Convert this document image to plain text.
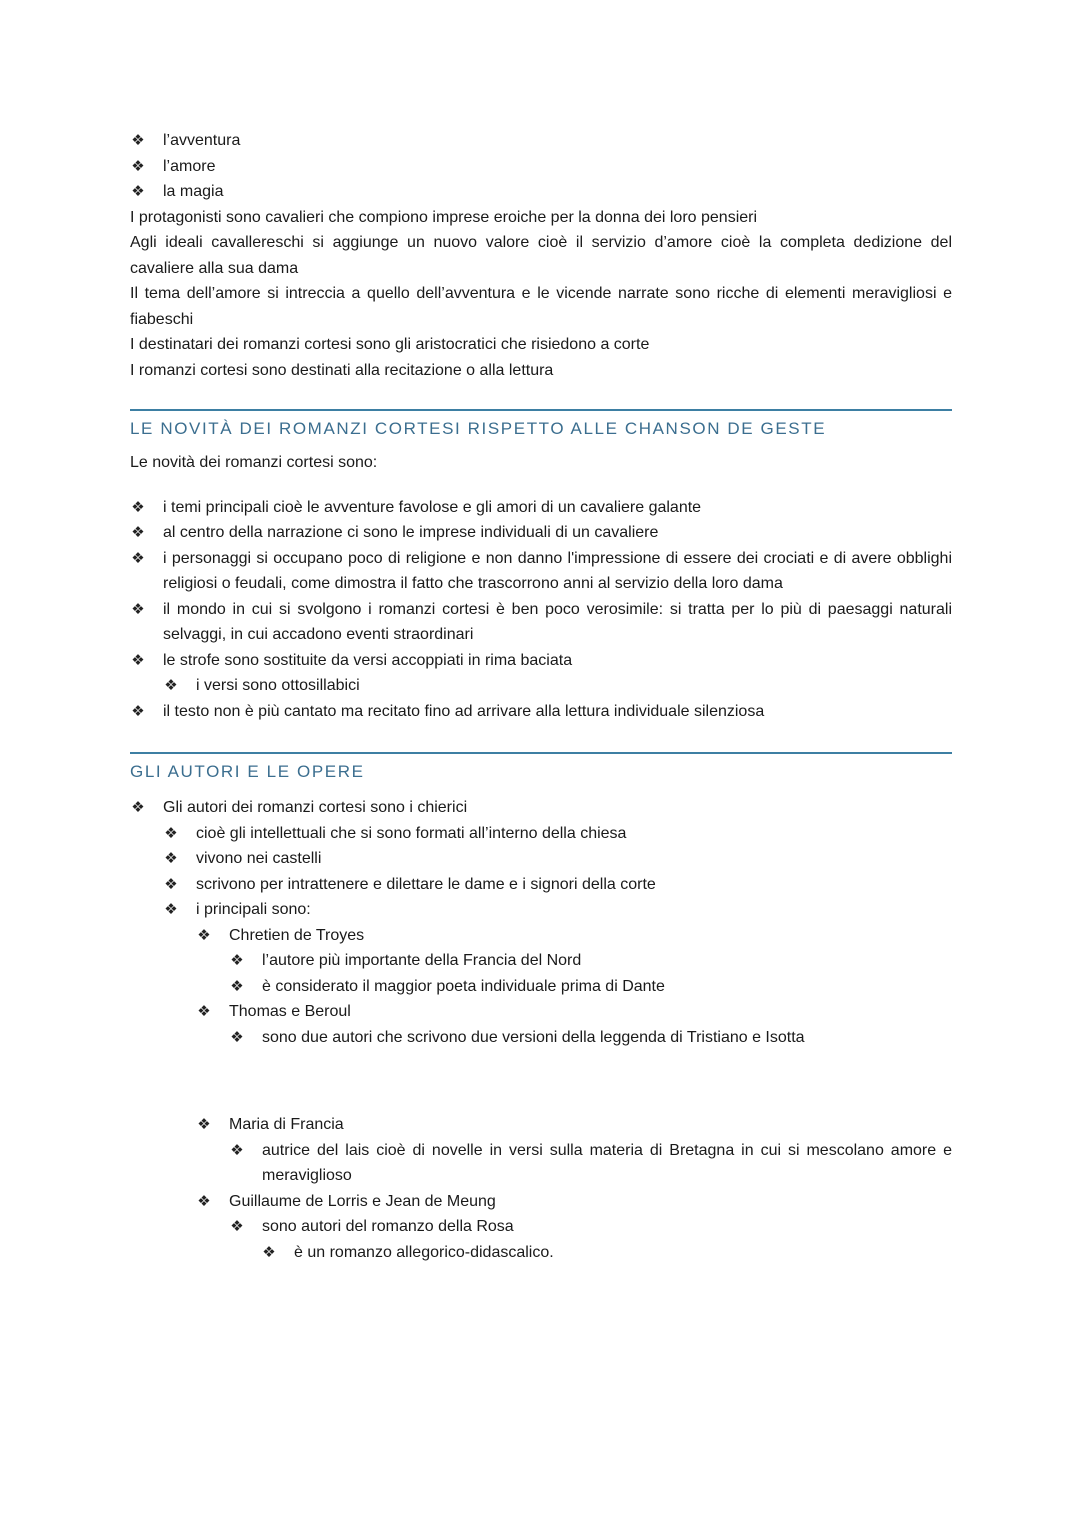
❖ l’avventura
❖ l’amore
❖ la magia

I protagonisti sono cavalieri che compiono imprese eroiche per la donna dei loro pensieri

Agli ideali cavallereschi si aggiunge un nuovo valore cioè il servizio d’amore cioè la completa dedizione del cavaliere alla sua dama

Il tema dell’amore si intreccia a quello dell’avventura e le vicende narrate sono ricche di elementi meravigliosi e fiabeschi

I destinatari dei romanzi cortesi sono gli aristocratici che risiedono a corte

I romanzi cortesi sono destinati alla recitazione o alla lettura

LE NOVITÀ DEI ROMANZI CORTESI RISPETTO ALLE CHANSON DE GESTE

Le novità dei romanzi cortesi sono:

❖ i temi principali cioè le avventure favolose e gli amori di un cavaliere galante
❖ al centro della narrazione ci sono le imprese individuali di un cavaliere
❖ i personaggi si occupano poco di religione e non danno l'impressione di essere dei crociati e di avere obblighi religiosi o feudali, come dimostra il fatto che trascorrono anni al servizio della loro dama
❖ il mondo in cui si svolgono i romanzi cortesi è ben poco verosimile: si tratta per lo più di paesaggi naturali selvaggi, in cui accadono eventi straordinari
❖ le strofe sono sostituite da versi accoppiati in rima baciata
❖ i versi sono ottosillabici
❖ il testo non è più cantato ma recitato fino ad arrivare alla lettura individuale silenziosa
GLI AUTORI E LE OPERE
❖ Gli autori dei romanzi cortesi sono i chierici
❖ cioè gli intellettuali che si sono formati all’interno della chiesa
❖ vivono nei castelli
❖ scrivono per intrattenere e dilettare le dame e i signori della corte
❖ i principali sono:
❖ Chretien de Troyes
❖ l’autore più importante della Francia del Nord
❖ è considerato il maggior poeta individuale prima di Dante
❖ Thomas e Beroul
❖ sono due autori che scrivono due versioni della leggenda di Tristiano e Isotta
❖ Maria di Francia
❖ autrice del lais cioè di novelle in versi sulla materia di Bretagna in cui si mescolano amore e meraviglioso
❖ Guillaume de Lorris e Jean de Meung
❖ sono autori del romanzo della Rosa
❖ è un romanzo allegorico-didascalico.
